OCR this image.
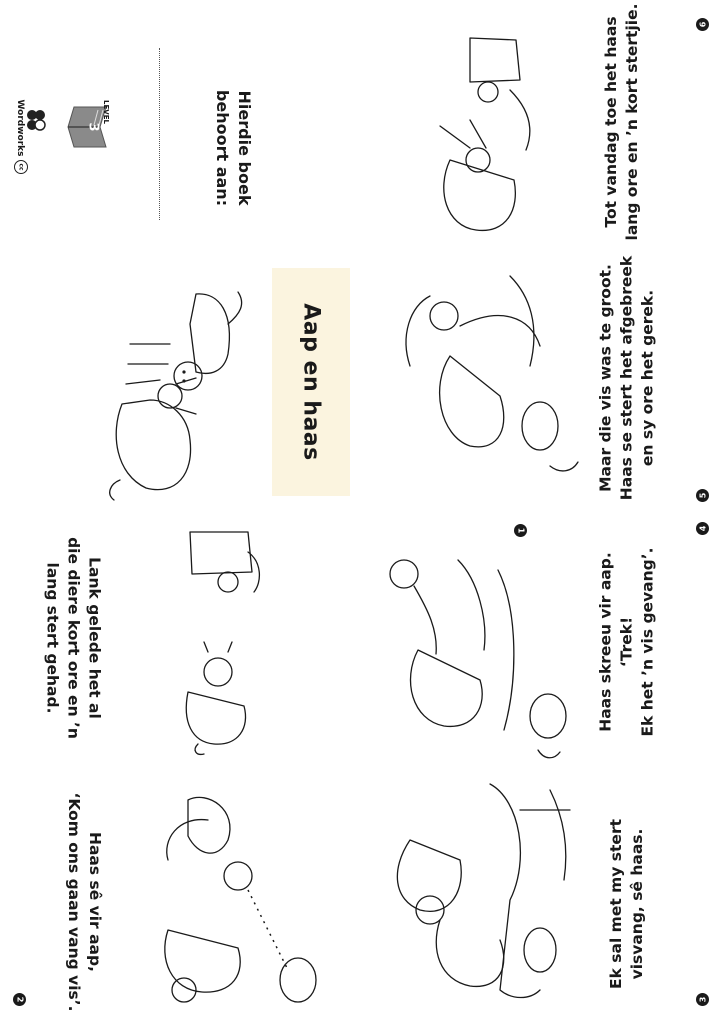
Hierdie boek
behoort aan:
LEVEL
3
Wordworks
cc
Aap en haas
1
2	3
4
5
6
Lank gelede het al
die diere kort ore en ’n
lang stert gehad.
Haas sê vir aap,
‘Kom ons gaan vang vis’.	Ek sal met my stert visvang, sê haas.
Haas skreeu vir aap. ‘Trek! Ek het ’n vis gevang’.
Maar die vis was te groot. Haas se stert het afgebreek en sy ore het gerek.
Tot vandag toe het haas lang ore en ’n kort stertjie.
